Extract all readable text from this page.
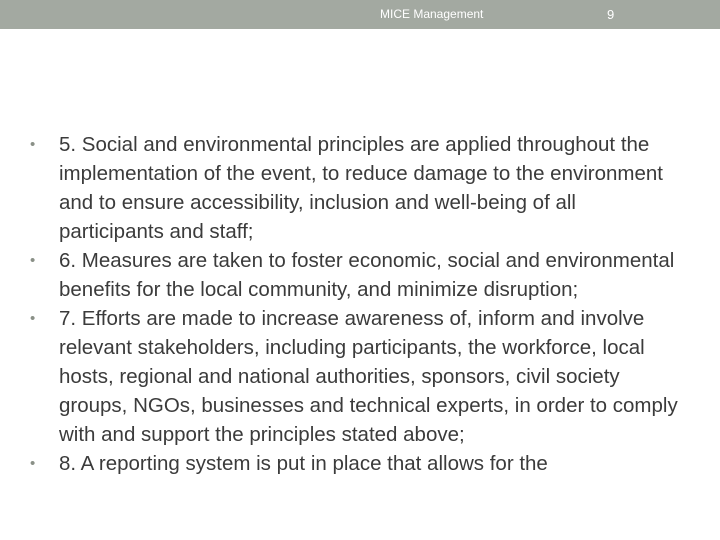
MICE Management	9
•
5. Social and environmental principles are applied throughout the implementation of the event, to reduce damage to the environment and to ensure accessibility, inclusion and well-being of all participants and staff;
•
6. Measures are taken to foster economic, social and environmental benefits for the local community, and minimize disruption;
•
7. Efforts are made to increase awareness of, inform and involve relevant stakeholders, including participants, the workforce, local hosts, regional and national authorities, sponsors, civil society groups, NGOs, businesses and technical experts, in order to comply with and support the principles stated above;
•
8. A reporting system is put in place that allows for the
